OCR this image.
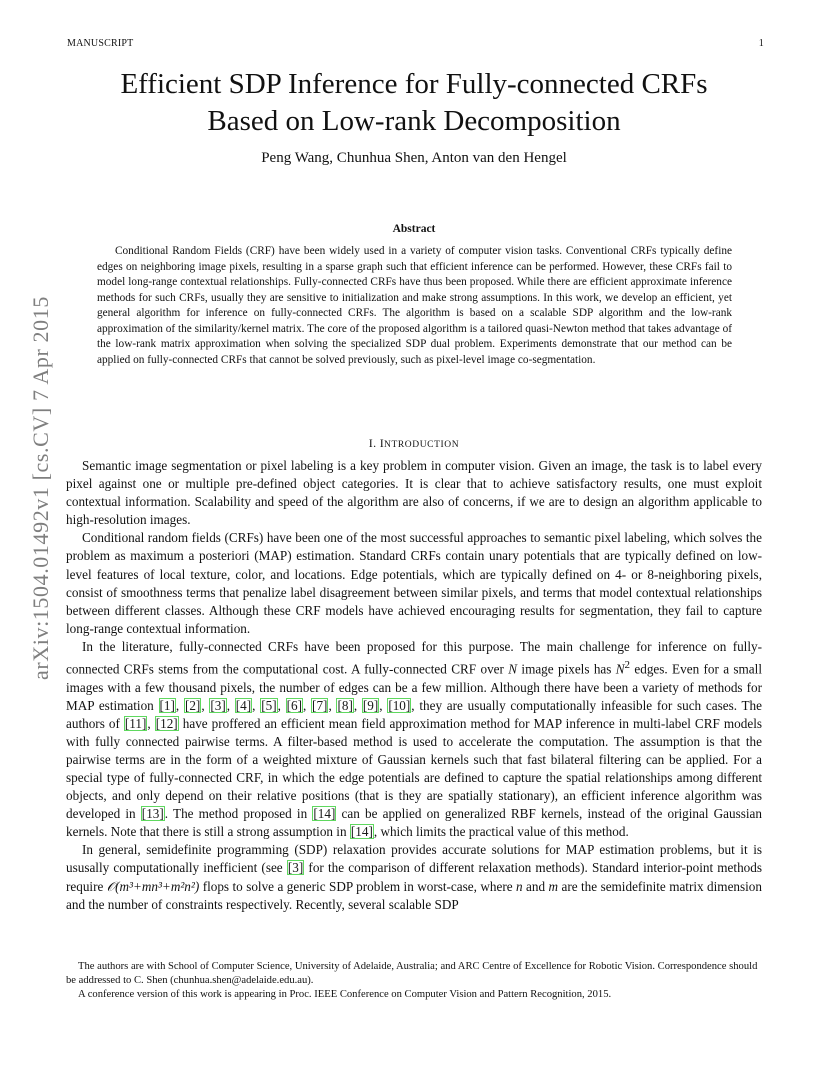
MANUSCRIPT	1
arXiv:1504.01492v1 [cs.CV] 7 Apr 2015
Efficient SDP Inference for Fully-connected CRFs
Based on Low-rank Decomposition
Peng Wang, Chunhua Shen, Anton van den Hengel
Abstract

Conditional Random Fields (CRF) have been widely used in a variety of computer vision tasks. Conventional CRFs typically define edges on neighboring image pixels, resulting in a sparse graph such that efficient inference can be performed. However, these CRFs fail to model long-range contextual relationships. Fully-connected CRFs have thus been proposed. While there are efficient approximate inference methods for such CRFs, usually they are sensitive to initialization and make strong assumptions. In this work, we develop an efficient, yet general algorithm for inference on fully-connected CRFs. The algorithm is based on a scalable SDP algorithm and the low-rank approximation of the similarity/kernel matrix. The core of the proposed algorithm is a tailored quasi-Newton method that takes advantage of the low-rank matrix approximation when solving the specialized SDP dual problem. Experiments demonstrate that our method can be applied on fully-connected CRFs that cannot be solved previously, such as pixel-level image co-segmentation.

I. INTRODUCTION

Semantic image segmentation or pixel labeling is a key problem in computer vision. Given an image, the task is to label every pixel against one or multiple pre-defined object categories. It is clear that to achieve satisfactory results, one must exploit contextual information. Scalability and speed of the algorithm are also of concerns, if we are to design an algorithm applicable to high-resolution images.

Conditional random fields (CRFs) have been one of the most successful approaches to semantic pixel labeling, which solves the problem as maximum a posteriori (MAP) estimation. Standard CRFs contain unary potentials that are typically defined on low-level features of local texture, color, and locations. Edge potentials, which are typically defined on 4- or 8-neighboring pixels, consist of smoothness terms that penalize label disagreement between similar pixels, and terms that model contextual relationships between different classes. Although these CRF models have achieved encouraging results for segmentation, they fail to capture long-range contextual information.

In the literature, fully-connected CRFs have been proposed for this purpose. The main challenge for inference on fully-connected CRFs stems from the computational cost. A fully-connected CRF over N image pixels has $N^2$ edges. Even for a small images with a few thousand pixels, the number of edges can be a few million. Although there have been a variety of methods for MAP estimation [1], [2], [3], [4], [5], [6], [7], [8], [9], [10], they are usually computationally infeasible for such cases. The authors of [11], [12] have proffered an efficient mean field approximation method for MAP inference in multi-label CRF models with fully connected pairwise terms. A filter-based method is used to accelerate the computation. The assumption is that the pairwise terms are in the form of a weighted mixture of Gaussian kernels such that fast bilateral filtering can be applied. For a special type of fully-connected CRF, in which the edge potentials are defined to capture the spatial relationships among different objects, and only depend on their relative positions (that is they are spatially stationary), an efficient inference algorithm was developed in [13]. The method proposed in [14] can be applied on generalized RBF kernels, instead of the original Gaussian kernels. Note that there is still a strong assumption in [14], which limits the practical value of this method.

In general, semidefinite programming (SDP) relaxation provides accurate solutions for MAP estimation problems, but it is ususally computationally inefficient (see [3] for the comparison of different relaxation methods). Standard interior-point methods require 𝒪(m³+mn³+m²n²) flops to solve a generic SDP problem in worst-case, where n and m are the semidefinite matrix dimension and the number of constraints respectively. Recently, several scalable SDP

The authors are with School of Computer Science, University of Adelaide, Australia; and ARC Centre of Excellence for Robotic Vision. Correspondence should be addressed to C. Shen (chunhua.shen@adelaide.edu.au).

A conference version of this work is appearing in Proc. IEEE Conference on Computer Vision and Pattern Recognition, 2015.
